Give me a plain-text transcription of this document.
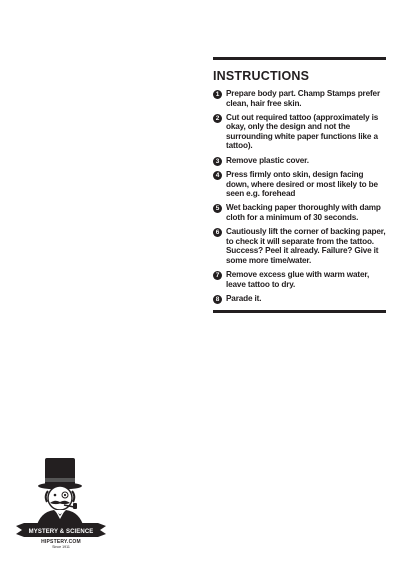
INSTRUCTIONS
1 Prepare body part. Champ Stamps prefer clean, hair free skin.
2 Cut out required tattoo (approximately is okay, only the design and not the surrounding white paper functions like a tattoo).
3 Remove plastic cover.
4 Press firmly onto skin, design facing down, where desired or most likely to be seen e.g. forehead
5 Wet backing paper thoroughly with damp cloth for a minimum of 30 seconds.
6 Cautiously lift the corner of backing paper, to check it will separate from the tattoo. Success? Peel it already. Failure? Give it some more time/water.
7 Remove excess glue with warm water, leave tattoo to dry.
8 Parade it.
MYSTERY & SCIENCE
HIPSTERY.COM
Since 1911
